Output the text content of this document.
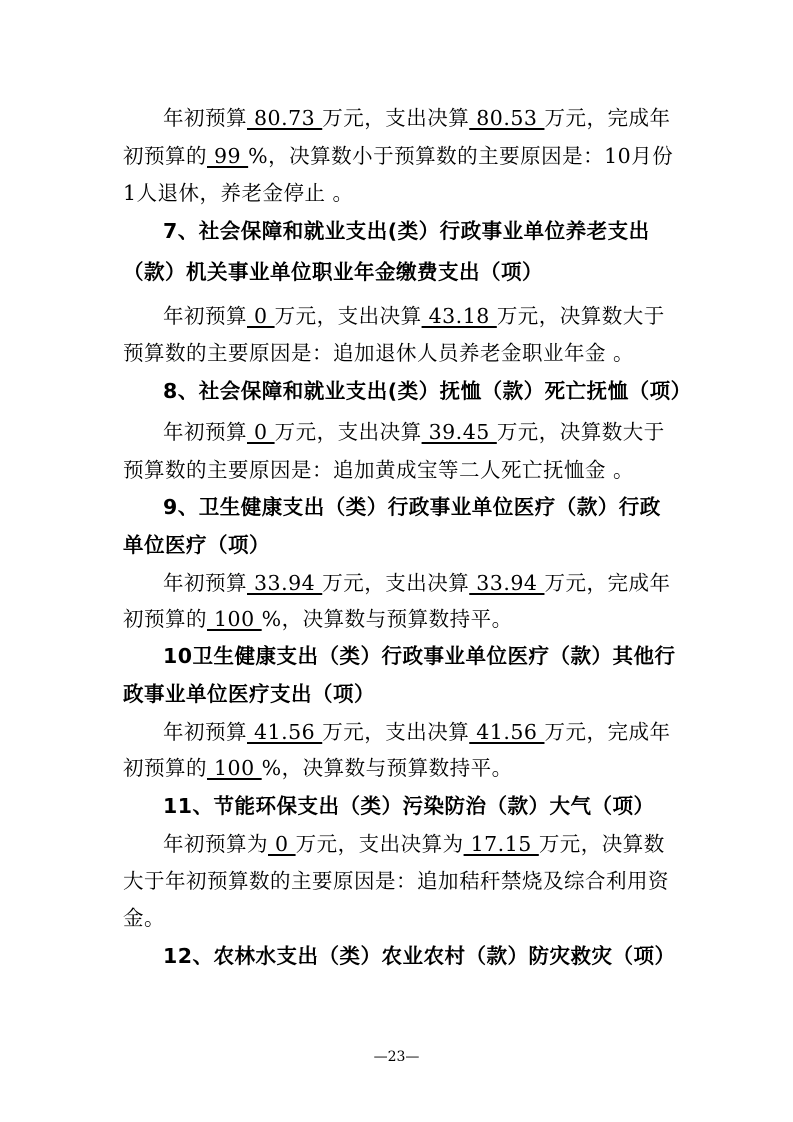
年初预算 80.73 万元，支出决算 80.53 万元，完成年
初预算的 99 %，决算数小于预算数的主要原因是：10月份
1人退休，养老金停止 。
7、社会保障和就业支出(类）行政事业单位养老支出
（款）机关事业单位职业年金缴费支出（项）
年初预算 0 万元，支出决算 43.18 万元，决算数大于
预算数的主要原因是：追加退休人员养老金职业年金 。
8、社会保障和就业支出(类）抚恤（款）死亡抚恤（项）
年初预算 0 万元，支出决算 39.45 万元，决算数大于
预算数的主要原因是：追加黄成宝等二人死亡抚恤金 。
9、卫生健康支出（类）行政事业单位医疗（款）行政
单位医疗（项）
年初预算 33.94 万元，支出决算 33.94 万元，完成年
初预算的 100 %，决算数与预算数持平。
10卫生健康支出（类）行政事业单位医疗（款）其他行
政事业单位医疗支出（项）
年初预算 41.56 万元，支出决算 41.56 万元，完成年
初预算的 100 %，决算数与预算数持平。
11、节能环保支出（类）污染防治（款）大气（项）
年初预算为 0 万元，支出决算为 17.15 万元，决算数
大于年初预算数的主要原因是：追加秸秆禁烧及综合利用资
金。
12、农林水支出（类）农业农村（款）防灾救灾（项）
—23—
